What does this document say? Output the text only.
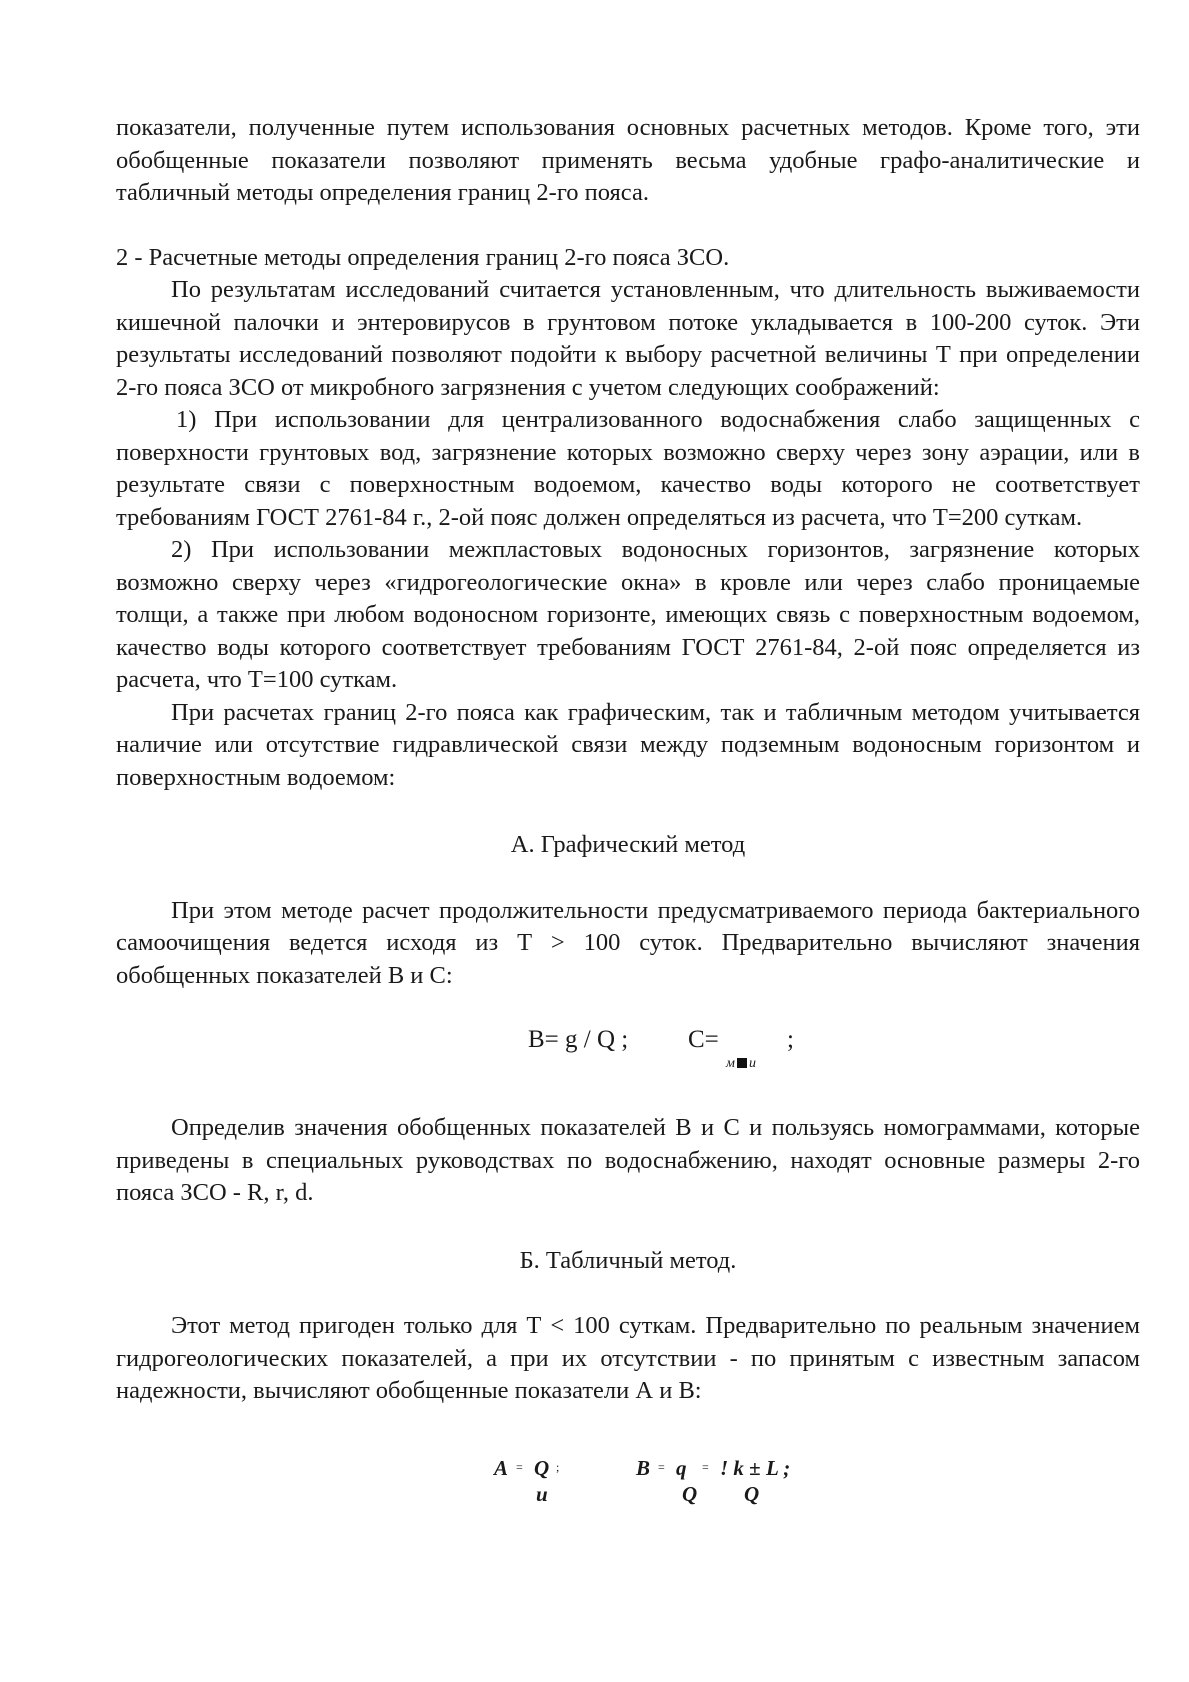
показатели, полученные путем использования основных расчетных методов. Кроме того, эти обобщенные показатели позволяют применять весьма удобные графо-аналитические и табличный методы определения границ 2-го пояса.

2 - Расчетные методы определения границ 2-го пояса ЗСО.

По результатам исследований считается установленным, что длительность выживаемости кишечной палочки и энтеровирусов в грунтовом потоке укладывается в 100-200 суток. Эти результаты исследований позволяют подойти к выбору расчетной величины Т при определении 2-го пояса ЗСО от микробного загрязнения с учетом следующих соображений:

1) При использовании для централизованного водоснабжения слабо защищенных с поверхности грунтовых вод, загрязнение которых возможно сверху через зону аэрации, или в результате связи с поверхностным водоемом, качество воды которого не соответствует требованиям ГОСТ 2761-84 г., 2-ой пояс должен определяться из расчета, что Т=200 суткам.

2) При использовании межпластовых водоносных горизонтов, загрязнение которых возможно сверху через «гидрогеологические окна» в кровле или через слабо проницаемые толщи, а также при любом водоносном горизонте, имеющих связь с поверхностным водоемом, качество воды которого соответствует требованиям ГОСТ 2761-84, 2-ой пояс определяется из расчета, что Т=100 суткам.

При расчетах границ 2-го пояса как графическим, так и табличным методом учитывается наличие или отсутствие гидравлической связи между подземным водоносным горизонтом и поверхностным водоемом:

А. Графический метод

При этом методе расчет продолжительности предусматриваемого периода бактериального самоочищения ведется исходя из Т > 100 суток. Предварительно вычисляют значения обобщенных показателей В и С:

В= g / Q ; С=
м u
;

Определив значения обобщенных показателей В и С и пользуясь номограммами, которые приведены в специальных руководствах по водоснабжению, находят основные размеры 2-го пояса ЗСО - R, r, d.

Б. Табличный метод.

Этот метод пригоден только для Т < 100 суткам. Предварительно по реальным значением гидрогеологических показателей, а при их отсутствии - по принятым с известным запасом надежности, вычисляют обобщенные показатели А и В:

A = Q ;
u
B = q = ! k ± L ;
Q Q
